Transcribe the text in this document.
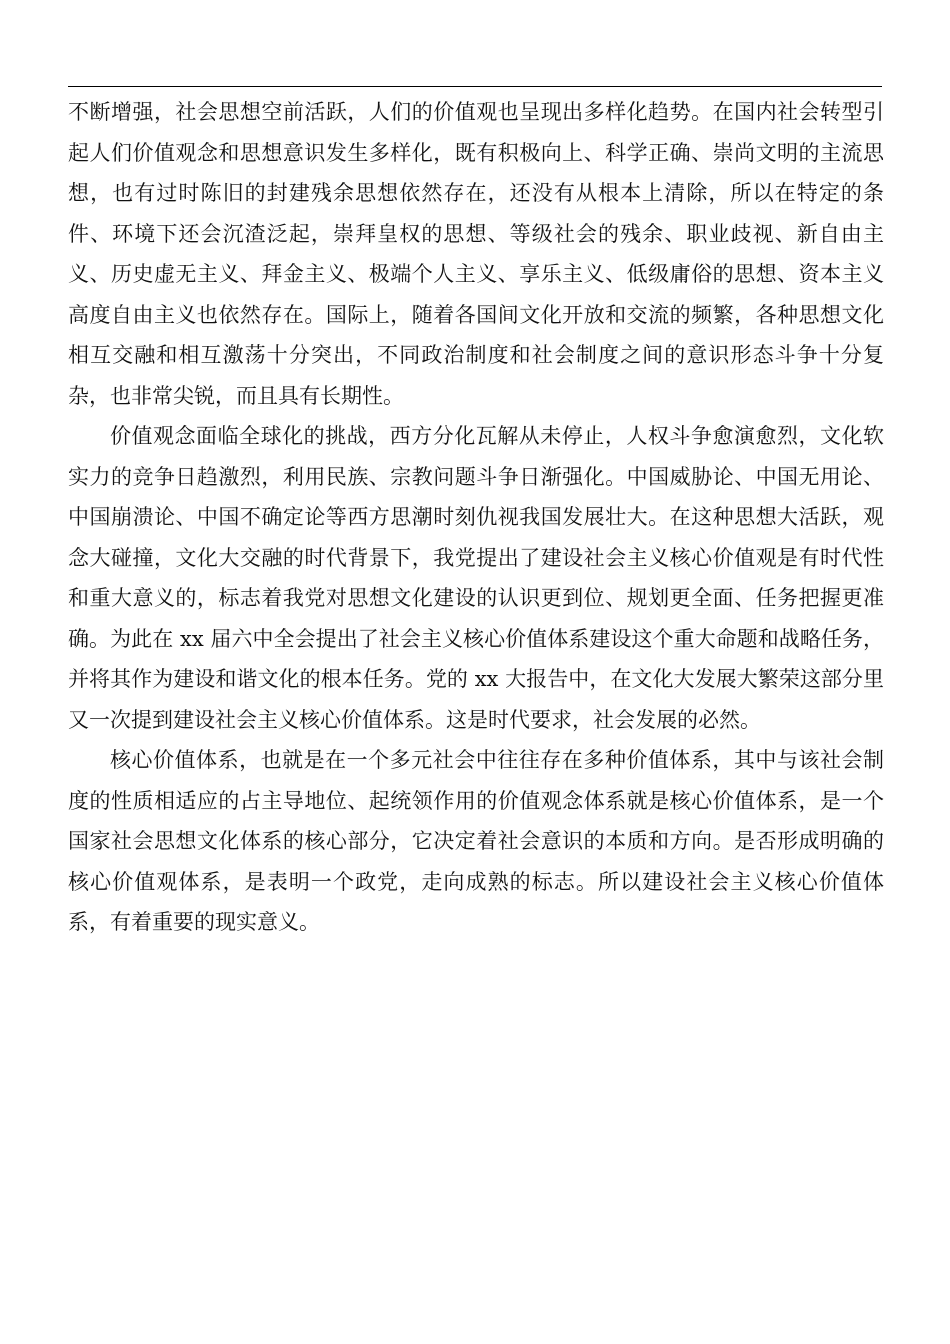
不断增强，社会思想空前活跃，人们的价值观也呈现出多样化趋势。在国内社会转型引起人们价值观念和思想意识发生多样化，既有积极向上、科学正确、崇尚文明的主流思想，也有过时陈旧的封建残余思想依然存在，还没有从根本上清除，所以在特定的条件、环境下还会沉渣泛起，崇拜皇权的思想、等级社会的残余、职业歧视、新自由主义、历史虚无主义、拜金主义、极端个人主义、享乐主义、低级庸俗的思想、资本主义高度自由主义也依然存在。国际上，随着各国间文化开放和交流的频繁，各种思想文化相互交融和相互激荡十分突出，不同政治制度和社会制度之间的意识形态斗争十分复杂，也非常尖锐，而且具有长期性。

价值观念面临全球化的挑战，西方分化瓦解从未停止，人权斗争愈演愈烈，文化软实力的竞争日趋激烈，利用民族、宗教问题斗争日渐强化。中国威胁论、中国无用论、中国崩溃论、中国不确定论等西方思潮时刻仇视我国发展壮大。在这种思想大活跃，观念大碰撞，文化大交融的时代背景下，我党提出了建设社会主义核心价值观是有时代性和重大意义的，标志着我党对思想文化建设的认识更到位、规划更全面、任务把握更准确。为此在 xx 届六中全会提出了社会主义核心价值体系建设这个重大命题和战略任务，并将其作为建设和谐文化的根本任务。党的 xx 大报告中，在文化大发展大繁荣这部分里又一次提到建设社会主义核心价值体系。这是时代要求，社会发展的必然。

核心价值体系，也就是在一个多元社会中往往存在多种价值体系，其中与该社会制度的性质相适应的占主导地位、起统领作用的价值观念体系就是核心价值体系，是一个国家社会思想文化体系的核心部分，它决定着社会意识的本质和方向。是否形成明确的核心价值观体系，是表明一个政党，走向成熟的标志。所以建设社会主义核心价值体系，有着重要的现实意义。
